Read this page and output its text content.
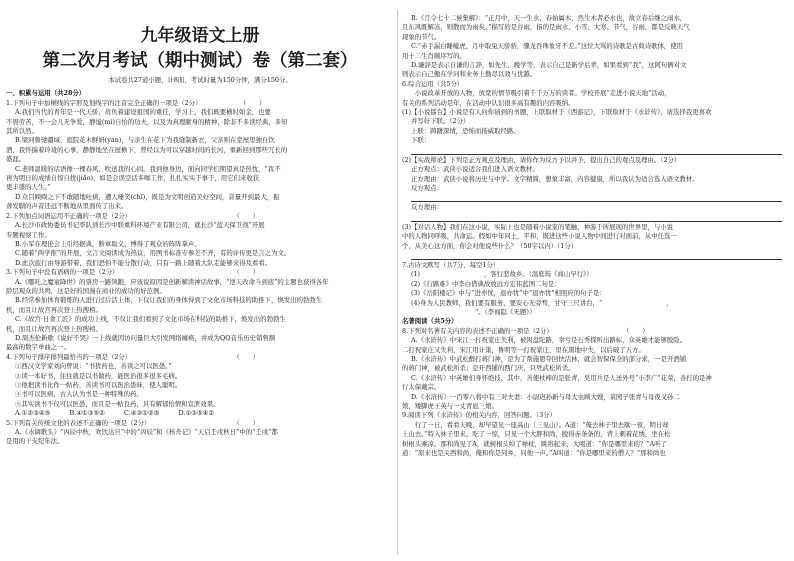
九年级语文上册
第二次月考试（期中测试）卷（第二套）
本试卷共27道小题，计8面，考试时量为150分钟，满分150分。
一、积累与运用（共28分）
1.下列句子中加横线的字形及划线字的注音完全正确的一项是（2分）　　　　　　　（　　）
A.我们当代的青年是一代天骄，肩负着建设祖国的重任，学习上，我们既要横时如金，也要
不畏劳苦，不一会儿无争爱，静谧(mì)自怡的功夫，以及为真理献身的精神，除非不多读经典，多知
其所以然。
B.梁同鲁驰疆域，庭院花木鲜妍(yán)，与亲生在花下为我缝制新衣，父亲则在堂屋里独自饮
酒，我怀揣着玲珑的心事，静静地坐在屋檐下，曾经以为可以穿越时间的长河，重新回到那些冗长的
盛涯。
C.老师温暖的话语像一棵春风，吹送我的心间。我到他身边，面向同学们期望真是热忱，“我不
再为明日的成绩自惊自扰(jiǎo)，如是会误空话多咖工作，扎扎实实于事于，用它们来收获
更丰盛的人生。”
D.众目睽睽之下不敢随地吐痰，遭人唾笑(chī)，既是为文明创造美好空间，音量开到最大，振
聋发聩的声音还远不断地从里面传了出来。
2.下列加点词语运用不正确的一项是（2分）　　　　　　　　　　　　　　　　　（　　）
A.长沙市政协委员书记率队到长沙中联重科环境产业有限公司，就长沙“蓝天保卫战”开展
专题视察工作。
B.小军在理论会上引经据典，断章取义，博得了观众的阵阵掌声。
C.随着“两学推”的开展，文言文阅读成为热议，用图书标准专参差不齐，有的评传更是言之为文。
D.此次旅行由导游带着，我们恐怕不能分散行动，只有一路上随着大队走能够来得及看看。
3.下列句子中没有语病的一项是（2分）　　　　　　　　　　　　　　　　　　　（　　）
A.《哪吒之魔童降世》的票房一路领跑，应该说原因是创新解读神话故事，“逆天改命斗到底”的主题也获得各年
龄层观众的共鸣，这是好的国漫在商业的成功的好范例。
B.经常参加体育锻炼的人进行过后活上体，下仅让我们的身体得到了文化市场科技的助推下，焕发出的勃勃生
机，而且让故宫再次登上热搜榜。
C.《故宫·日食工匠》的成功上线，不仅让我们看到了文化市场在科技的助推下，焕发出的勃勃生
机，而且让故宫再次登上热搜榜。
D.周杰伦新歌《说好不哭》一上线就因访问量巨大引发网络瘫痪，并成为QQ音乐历史销售额
最高的数字单曲之一。
4.下列句子排序排列最恰当的一项是（2分）　　　　　　　　　　　　　　　　　（　　）
①西汉文学家刘向曾说：“书犹药也，善读之可以医愚。”
②读一本好书，往往就是以书做药，能医治很多很多毛病。
③他把读书比作一帖药，善读书可以医治愚昧，使人聪明。
④书可以医病，古人认为书是一种特殊的药。
⑤其实读书不仅可以医愚，而且是一帖良药，具有解郁怡情和宣泄效果。
A.①②③④⑤　　　B.④①③⑤②　　　C.④③①②⑤　　　D.①③⑤④②
5.下列有关传统文化的表述不正确的一项是（2分）　　　　　　　　　　　　　　（　　）
A.《水调歌头》“丙辰中秋，欢饮达旦”中的“丙辰”和《核舟记》“天启壬戌秋日”中的“壬戌”都
是用的干支纪年法。
B.《月令七十二候集解》：“正月中，天一生水，春始属木，然生木者必水也，故立春后继之雨水，
且东风既解冻，则散而为雨矣。”描写的是谷雨，指的是雨水、小雪、大寒、节气，谷雨，都是反映天气
现象的节气。
C.“赤手漏白睡嘘虎，月中取兔天骄骄，骤龙吞珠象牙不差。”这位大骂的诗歌是古典诗歌体，使用
用十二生肖顺序写的。
D.谦辞是表示自谦的言辞，如先生、晚学等，表示自己是新学后辈，如果看到“我”，这阿句俩对文
则表示自己傲在学问和业务上勤尽以效与优越。
6.综合运用（共5分）
　　小说改革开放的人物，放宽的情节吸引着千千万万的读者。学校开展“走进小说天地”活动，
有关的系列活动是年，在活动中认识很多高有趣的内容吸纳。
(1)【小说擂台】小说是有人问你请到的书题，上联取材于《西游记》，下联取材于《水浒传》，请选择我更喜欢
并写好下联。（2分）
上联：踌躇深情，恐怖而扬威取经路。
下联：
(2)【实战辩论】下列是正方观点及理由，请你作为反方予以并予，提出自己的观点及理由。（2分）
正方观点：武侠小说适合我们进入语文教材。
正方理由：武侠小说将历史与中学。文字精简，想象丰富，内容健康，所以我认为适合选入语文教材。
反方观点：
反方理由：
(3)【对话人物】我们在这小说，实际上也是随着小说家的笔触，神游于所展现的世界里，与小说
中的人物同呼吸，共命运。假如中年同土，平和，既进这些小说人物中间进行对面前，从中任选一
个，从美心这方面，你会对他说些什么？（50字以内）（1分）
7.古诗文默写（共7分，每空1分）
(1)　　　　　　　　　　，客行悲故乡。（温庭筠《商山早行》）
(2)《行路难》中李白借典故放远方宏伟蓝图二句是：
(3)《岳阳楼记》中与“进亦忧，退亦忧”中“退亦忧”相照应的句子是：
(4)身为人民教师，我们要有服务，要安心无旁骛，甘守三尺讲台，“　　　　　　　　　　，
　　　　　　　　　　”。（李商隐《无题》）
名著阅读（共5分）
8.下列对名著有关内容的表述不正确的一项是（2分）　　　　　　　　　　　　（　　）
A.《水浒传》中宋江一打祝家庄失利，被困盘陀路，幸亏是石秀探听出路标，众英雄才能够脱险。
二打祝家庄又失利，宋江用计策，鲁明等一打祝家庄，里在黑地中失，以后破了五方。
B.《水浒传》中武松醉打蒋门神，是为了帮施恩夺回快活林，就会智保保全的部分求，一是开酒铺
的蒋门神，被武松所杀；是开西铺的西门庆，只死武松所杀。
C.《水浒传》中英雄们身怀绝技，其中，善使杖棒的是张青，吴用兵是人送外号“小李广”花荣，善打的是神
行太保戴宗。
D.《水浒传》一百零八将中有三对夫妻：小尉迟孙新与母大虫顾大嫂，菜园子张青与母夜叉孙二
娘，矮脚虎王英与一丈青扈三娘。
9.阅读下列《水浒传》的相关内容，回答问题。（3分）
　　行了一日，看看天晚，却早望见一座高山（三见山）。A道：“俺去林子里去歇一夜，明日却
上山去。”特入林子里来，吃了一惊，只见一个大胖和尚，脱得赤条条的，背上刺着花绣，坐在松
树根头乘凉。那和尚见了A，就树根头绰了禅杖，跳将起来，大喝道：“你是哪里来的？”A听了
道：“原来也是关西和尚，俺和你是同乡，问他一声。”A叫道：“你是哪里来的僧人？”那和尚也
